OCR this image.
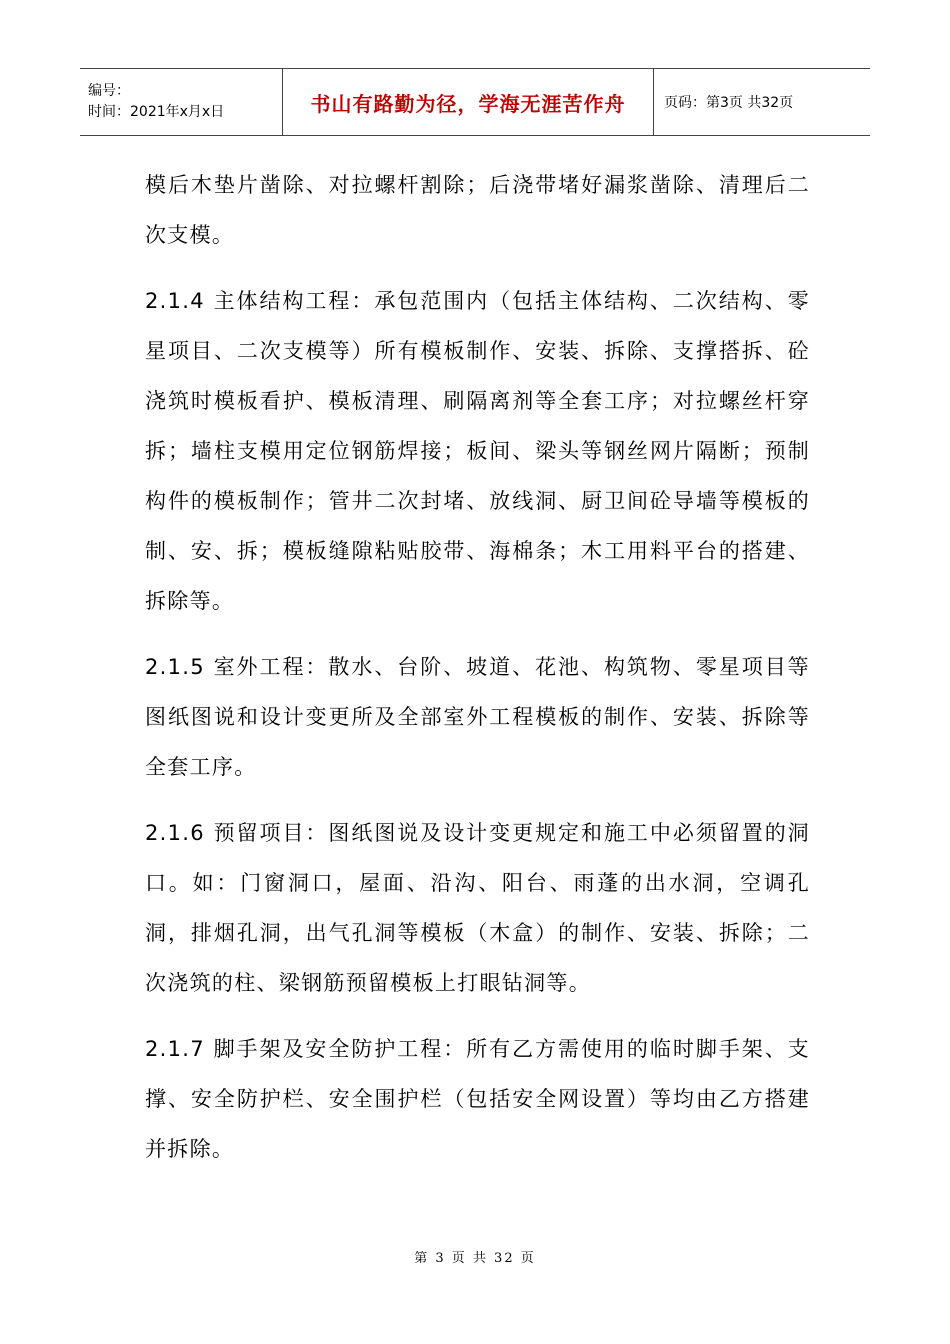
编号：
时间：2021年x月x日	书山有路勤为径，学海无涯苦作舟	页码：第3页 共32页

模后木垫片凿除、对拉螺杆割除；后浇带堵好漏浆凿除、清理后二次支模。

2.1.4 主体结构工程：承包范围内（包括主体结构、二次结构、零星项目、二次支模等）所有模板制作、安装、拆除、支撑搭拆、砼浇筑时模板看护、模板清理、刷隔离剂等全套工序；对拉螺丝杆穿拆；墙柱支模用定位钢筋焊接；板间、梁头等钢丝网片隔断；预制构件的模板制作；管井二次封堵、放线洞、厨卫间砼导墙等模板的制、安、拆；模板缝隙粘贴胶带、海棉条；木工用料平台的搭建、拆除等。

2.1.5 室外工程：散水、台阶、坡道、花池、构筑物、零星项目等图纸图说和设计变更所及全部室外工程模板的制作、安装、拆除等全套工序。

2.1.6 预留项目：图纸图说及设计变更规定和施工中必须留置的洞口。如：门窗洞口，屋面、沿沟、阳台、雨蓬的出水洞，空调孔洞，排烟孔洞，出气孔洞等模板（木盒）的制作、安装、拆除；二次浇筑的柱、梁钢筋预留模板上打眼钻洞等。

2.1.7 脚手架及安全防护工程：所有乙方需使用的临时脚手架、支撑、安全防护栏、安全围护栏（包括安全网设置）等均由乙方搭建并拆除。

第 3 页 共 32 页
